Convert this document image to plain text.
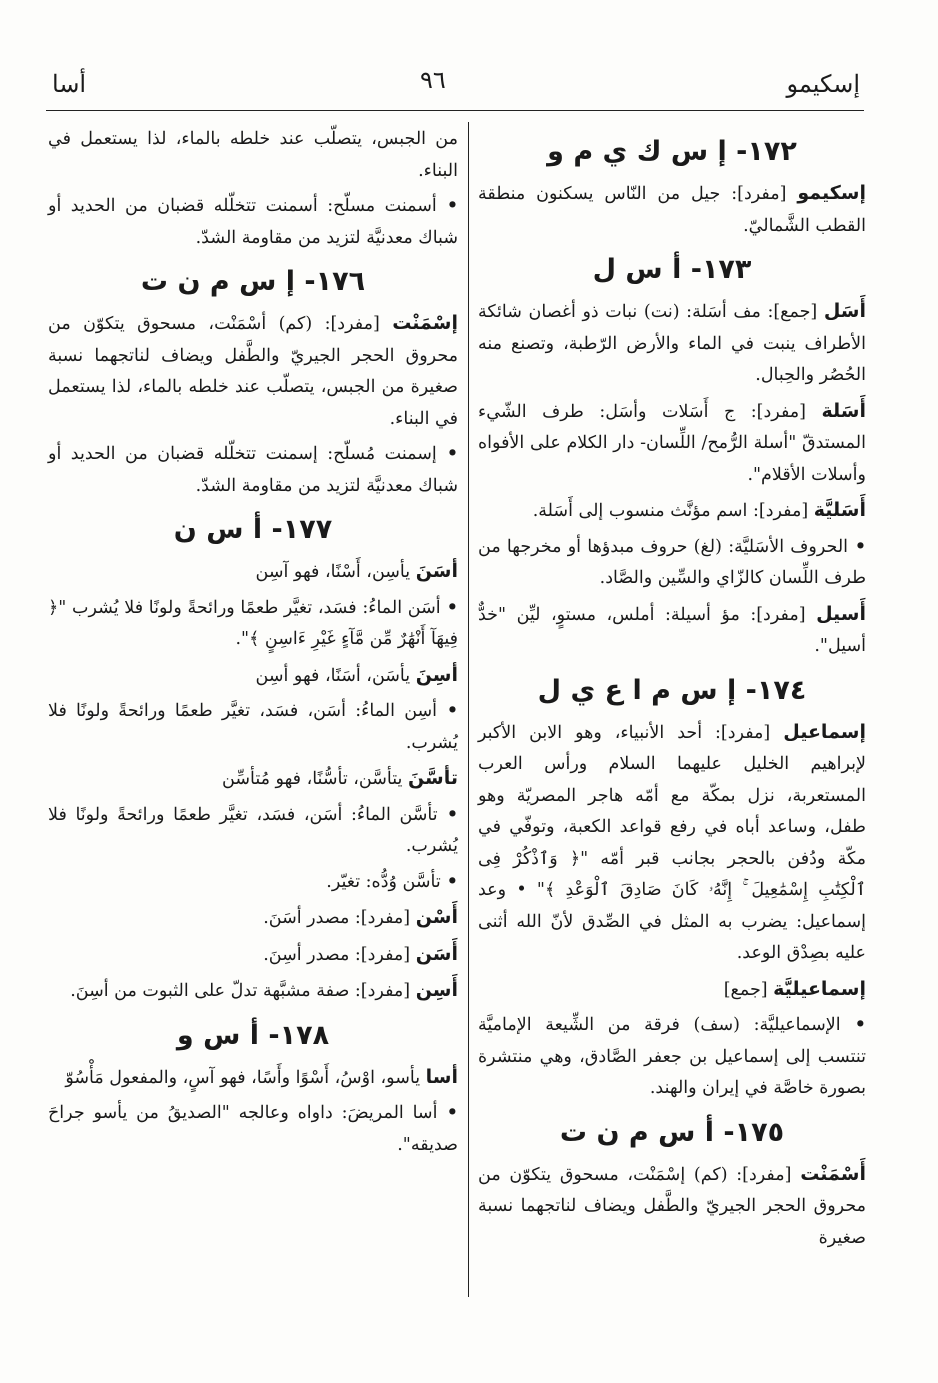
إسكيمو
٩٦
أسا
١٧٢- إ س ك ي م و
إسكيمو [مفرد]: جيل من النّاس يسكنون منطقة القطب الشَّماليّ.
١٧٣- أ س ل
أَسَل [جمع]: مف أسَلة: (نت) نبات ذو أغصان شائكة الأطراف ينبت في الماء والأرض الرّطبة، وتصنع منه الحُصُر والحِبال.
أَسَلة [مفرد]: ج أَسَلات وأسَل: طرف الشّيء المستدقّ "أسلة الرُّمح/ اللِّسان- دار الكلام على الأفواه وأسلات الأقلام".
أَسَليَّة [مفرد]: اسم مؤنَّث منسوب إلى أَسَلة.
• الحروف الأسَليَّة: (لغ) حروف مبدؤها أو مخرجها من طرف اللِّسان كالزّاي والسِّين والصَّاد.
أَسيل [مفرد]: مؤ أسيلة: أملس، مستوٍ، ليِّن "خدٌّ أسيل".
١٧٤- إ س م ا ع ي ل
إسماعيل [مفرد]: أحد الأنبياء، وهو الابن الأكبر لإبراهيم الخليل عليهما السلام ورأس العرب المستعربة، نزل بمكّة مع أمّه هاجر المصريّة وهو طفل، وساعد أباه في رفع قواعد الكعبة، وتوفّي في مكّة ودُفن بالحجر بجانب قبر أمّه "﴿ وَٱذْكُرْ فِى ٱلْكِتَٰبِ إِسْمَٰعِيلَ ۚ إِنَّهُۥ كَانَ صَادِقَ ٱلْوَعْدِ ﴾" • وعد إسماعيل: يضرب به المثل في الصِّدق لأنّ الله أثنى عليه بصِدْق الوعد.
إسماعيليَّة [جمع]
• الإسماعيليَّة: (سف) فرقة من الشِّيعة الإماميَّة تنتسب إلى إسماعيل بن جعفر الصَّادق، وهي منتشرة بصورة خاصَّة في إيران والهند.
١٧٥- أ س م ن ت
أَسْمَنْت [مفرد]: (كم) إسْمَنْت، مسحوق يتكوّن من محروق الحجر الجيريّ والطَّفل ويضاف لناتجهما نسبة صغيرة
من الجبس، يتصلّب عند خلطه بالماء، لذا يستعمل في البناء.
• أسمنت مسلّح: أسمنت تتخلّله قضبان من الحديد أو شباك معدنيَّة لتزيد من مقاومة الشدّ.
١٧٦- إ س م ن ت
إسْمَنْت [مفرد]: (كم) أسْمَنْت، مسحوق يتكوّن من محروق الحجر الجيريّ والطَّفل ويضاف لناتجهما نسبة صغيرة من الجبس، يتصلّب عند خلطه بالماء، لذا يستعمل في البناء.
• إسمنت مُسلّح: إسمنت تتخلّله قضبان من الحديد أو شباك معدنيَّة لتزيد من مقاومة الشدّ.
١٧٧- أ س ن
أسَنَ يأسِن، أَسْنًا، فهو آسِن
• أسَن الماءُ: فسَد، تغيَّر طعمًا ورائحةً ولونًا فلا يُشرب "﴿ فِيهَآ أَنْهَٰرٌ مِّن مَّآءٍ غَيْرِ ءَاسِنٍ ﴾".
أسِنَ يأسَن، أسَنًا، فهو أسِن
• أسِن الماءُ: أسَن، فسَد، تغيَّر طعمًا ورائحةً ولونًا فلا يُشرب.
تأسَّنَ يتأسَّن، تأسُّنًا، فهو مُتأسِّن
• تأسَّن الماءُ: أسَن، فسَد، تغيَّر طعمًا ورائحةً ولونًا فلا يُشرب.
• تأسَّن وُدُّه: تغيّر.
أَسْن [مفرد]: مصدر أسَنَ.
أَسَن [مفرد]: مصدر أسِنَ.
أَسِن [مفرد]: صفة مشبَّهة تدلّ على الثبوت من أسِنَ.
١٧٨- أ س و
أسا يأسو، اوْسُ، أَسْوًا وأَسًا، فهو آسٍ، والمفعول مَأْسُوّ
• أسا المريضَ: داواه وعالجه "الصديقُ من يأسو جراحَ صديقه".
